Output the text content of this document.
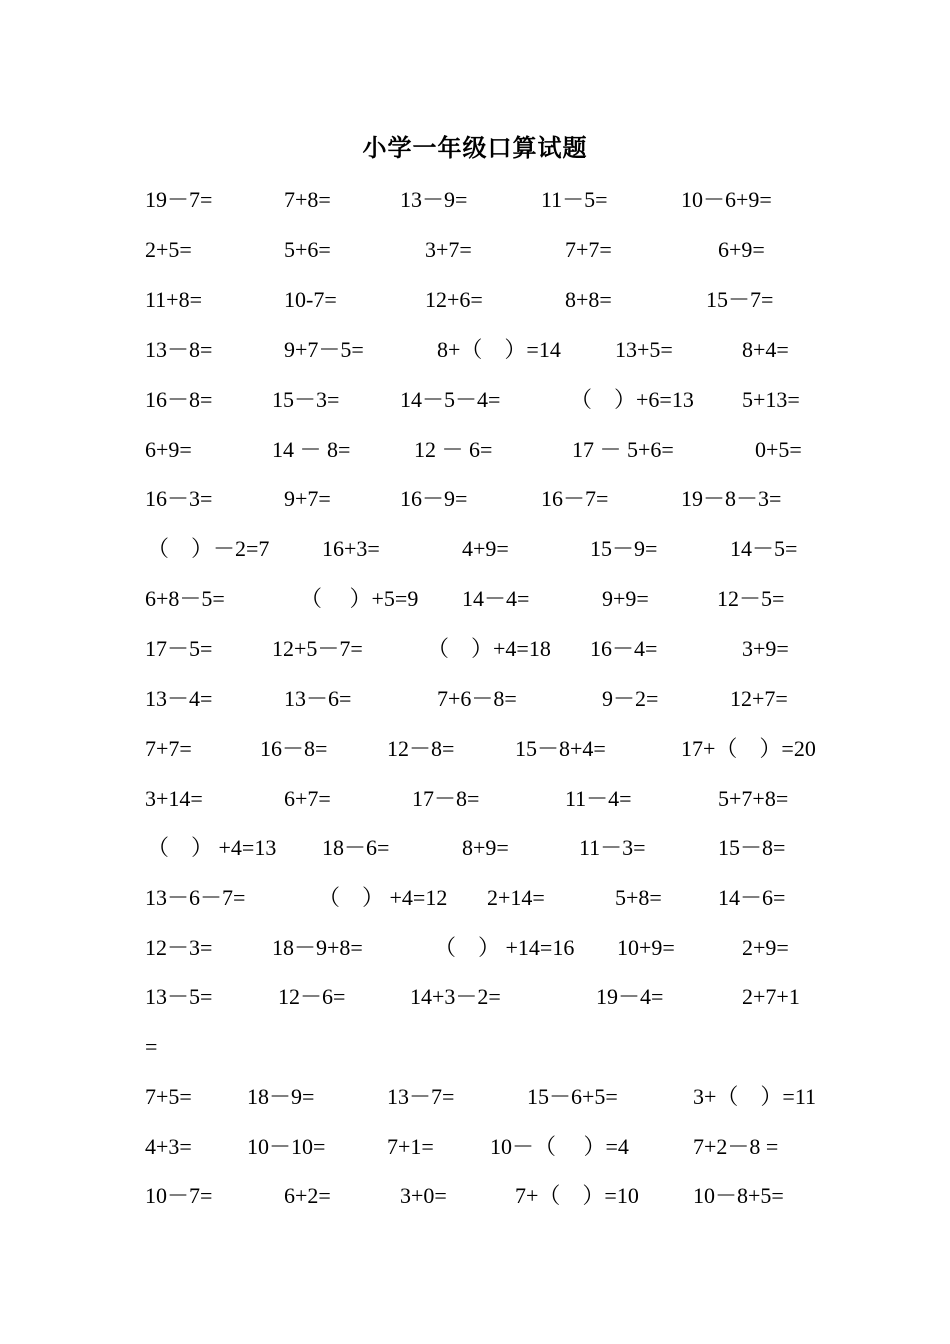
小学一年级口算试题
19－7=	7+8=	13－9=	11－5=	10－6+9=
2+5=	5+6=	3+7=	7+7=	6+9=
11+8=	10-7=	12+6=	8+8=	15－7=
13－8=	9+7－5=	8+（　）=14 13+5=	8+4=
16－8=	15－3=	14－5－4=	（　）+6=13 5+13=
6+9=	14 － 8=	12 － 6=	17 － 5+6=	0+5=
16－3=	9+7=	16－9=	16－7=	19－8－3=
（　）－2=7 16+3=	4+9=	15－9=	14－5=
6+8－5=	（　 ）+5=9 14－4=	9+9=	12－5=
17－5=	12+5－7=	（　）+4=18 16－4=	3+9=
13－4=	13－6=	7+6－8=	9－2=	12+7=
7+7=	16－8=	12－8=	15－8+4=	17+（　）=20
3+14=	6+7=	17－8=	11－4=	5+7+8=
（　） +4=13 18－6=	8+9=	11－3=	15－8=
13－6－7=	（　） +4=12 2+14=	5+8=	14－6=
12－3=	18－9+8=	（　） +14=16 10+9=	2+9=
13－5=	12－6=	14+3－2=	19－4=	2+7+1
=
7+5=	18－9=	13－7=	15－6+5=	3+（　）=11
4+3=	10－10=	7+1=	10－（　 ）=4	7+2－8 =
10－7=	6+2=	3+0=	7+（　）=10 10－8+5=
